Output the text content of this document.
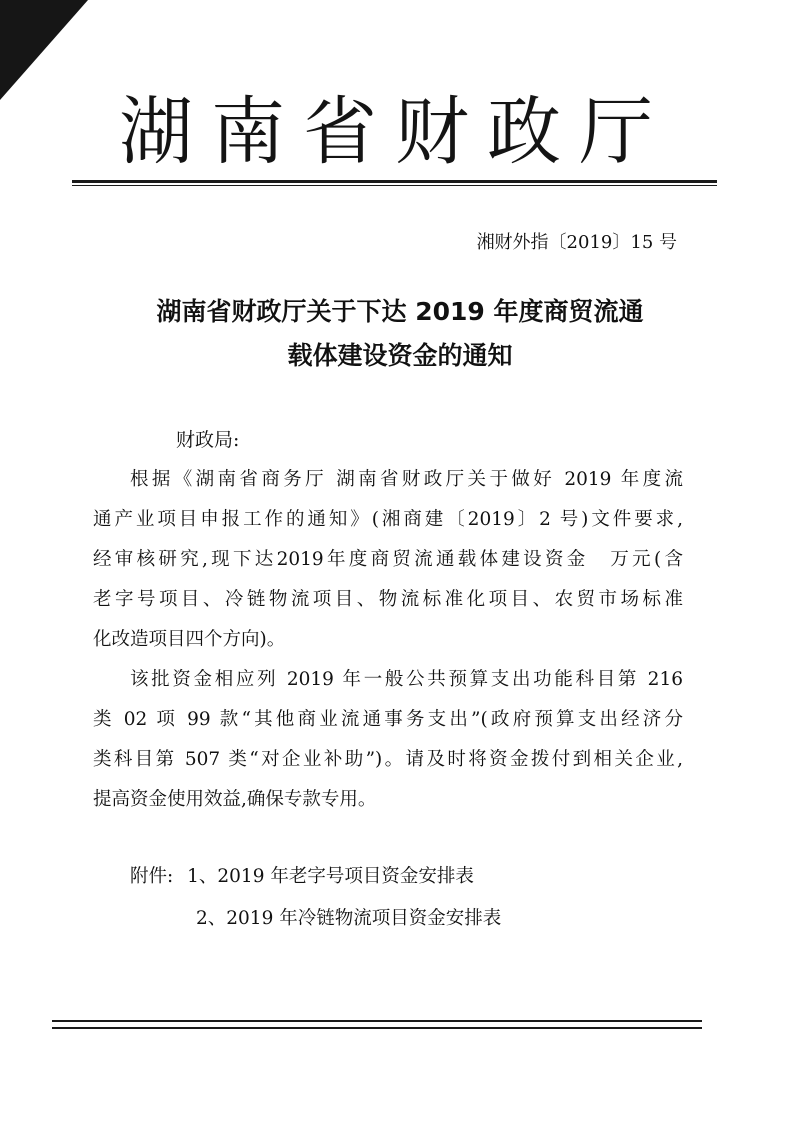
湖南省财政厅
湘财外指〔2019〕15 号
湖南省财政厅关于下达 2019 年度商贸流通
载体建设资金的通知
财政局:
根据《湖南省商务厅 湖南省财政厅关于做好 2019 年度流
通产业项目申报工作的通知》(湘商建〔2019〕2 号)文件要求,
经审核研究,现下达2019年度商贸流通载体建设资金　万元(含
老字号项目、冷链物流项目、物流标准化项目、农贸市场标准
化改造项目四个方向)。
该批资金相应列 2019 年一般公共预算支出功能科目第 216
类 02 项 99 款“其他商业流通事务支出”(政府预算支出经济分
类科目第 507 类“对企业补助”)。请及时将资金拨付到相关企业,
提高资金使用效益,确保专款专用。
附件: 1、2019 年老字号项目资金安排表
2、2019 年冷链物流项目资金安排表
